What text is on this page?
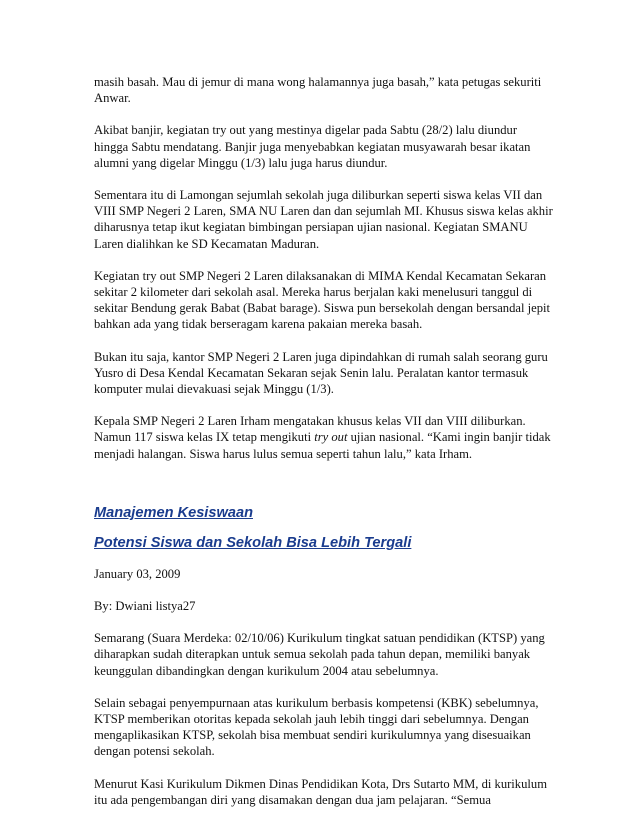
masih basah. Mau di jemur di mana wong halamannya juga basah,” kata petugas sekuriti Anwar.

Akibat banjir, kegiatan try out yang mestinya digelar pada Sabtu (28/2) lalu diundur hingga Sabtu mendatang. Banjir juga menyebabkan kegiatan musyawarah besar ikatan alumni yang digelar Minggu (1/3) lalu juga harus diundur.

Sementara itu di Lamongan sejumlah sekolah juga diliburkan seperti siswa kelas VII dan VIII SMP Negeri 2 Laren, SMA NU Laren dan dan sejumlah MI. Khusus siswa kelas akhir diharusnya tetap ikut kegiatan bimbingan persiapan ujian nasional. Kegiatan SMANU Laren dialihkan ke SD Kecamatan Maduran.

Kegiatan try out SMP Negeri 2 Laren dilaksanakan di MIMA Kendal Kecamatan Sekaran sekitar 2 kilometer dari sekolah asal. Mereka harus berjalan kaki menelusuri tanggul di sekitar Bendung gerak Babat (Babat barage). Siswa pun bersekolah dengan bersandal jepit bahkan ada yang tidak berseragam karena pakaian mereka basah.

Bukan itu saja, kantor SMP Negeri 2 Laren juga dipindahkan di rumah salah seorang guru Yusro di Desa Kendal Kecamatan Sekaran sejak Senin lalu. Peralatan kantor termasuk komputer mulai dievakuasi sejak Minggu (1/3).

Kepala SMP Negeri 2 Laren Irham mengatakan khusus kelas VII dan VIII diliburkan. Namun 117 siswa kelas IX tetap mengikuti try out ujian nasional. “Kami ingin banjir tidak menjadi halangan. Siswa harus lulus semua seperti tahun lalu,” kata Irham.

Manajemen Kesiswaan
Potensi Siswa dan Sekolah Bisa Lebih Tergali

January 03, 2009

By: Dwiani listya27

Semarang (Suara Merdeka: 02/10/06) Kurikulum tingkat satuan pendidikan (KTSP) yang diharapkan sudah diterapkan untuk semua sekolah pada tahun depan, memiliki banyak keunggulan dibandingkan dengan kurikulum 2004 atau sebelumnya.

Selain sebagai penyempurnaan atas kurikulum berbasis kompetensi (KBK) sebelumnya, KTSP memberikan otoritas kepada sekolah jauh lebih tinggi dari sebelumnya. Dengan mengaplikasikan KTSP, sekolah bisa membuat sendiri kurikulumnya yang disesuaikan dengan potensi sekolah.

Menurut Kasi Kurikulum Dikmen Dinas Pendidikan Kota, Drs Sutarto MM, di kurikulum itu ada pengembangan diri yang disamakan dengan dua jam pelajaran. “Semua
